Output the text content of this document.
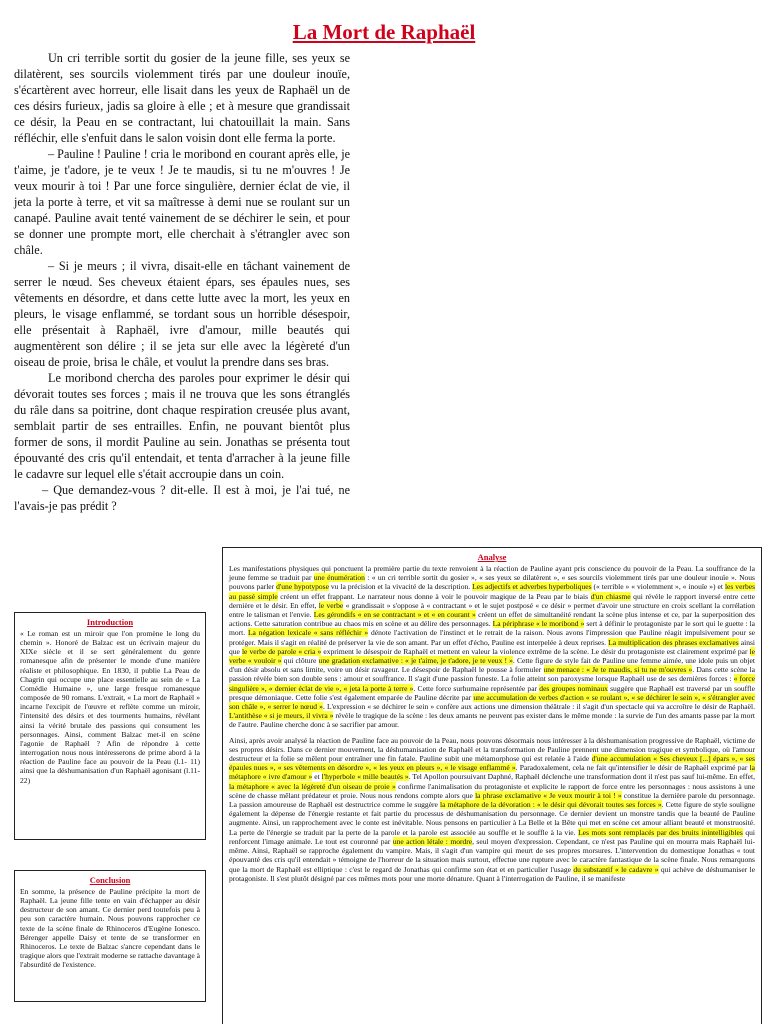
La Mort de Raphaël

Un cri terrible sortit du gosier de la jeune fille, ses yeux se dilatèrent, ses sourcils violemment tirés par une douleur inouïe, s'écartèrent avec horreur, elle lisait dans les yeux de Raphaël un de ces désirs furieux, jadis sa gloire à elle ; et à mesure que grandissait ce désir, la Peau en se contractant, lui chatouillait la main. Sans réfléchir, elle s'enfuit dans le salon voisin dont elle ferma la porte.

– Pauline ! Pauline ! cria le moribond en courant après elle, je t'aime, je t'adore, je te veux ! Je te maudis, si tu ne m'ouvres ! Je veux mourir à toi ! Par une force singulière, dernier éclat de vie, il jeta la porte à terre, et vit sa maîtresse à demi nue se roulant sur un canapé. Pauline avait tenté vainement de se déchirer le sein, et pour se donner une prompte mort, elle cherchait à s'étrangler avec son châle.

– Si je meurs ; il vivra, disait-elle en tâchant vainement de serrer le nœud. Ses cheveux étaient épars, ses épaules nues, ses vêtements en désordre, et dans cette lutte avec la mort, les yeux en pleurs, le visage enflammé, se tordant sous un horrible désespoir, elle présentait à Raphaël, ivre d'amour, mille beautés qui augmentèrent son délire ; il se jeta sur elle avec la légèreté d'un oiseau de proie, brisa le châle, et voulut la prendre dans ses bras.

Le moribond chercha des paroles pour exprimer le désir qui dévorait toutes ses forces ; mais il ne trouva que les sons étranglés du râle dans sa poitrine, dont chaque respiration creusée plus avant, semblait partir de ses entrailles. Enfin, ne pouvant bientôt plus former de sons, il mordit Pauline au sein. Jonathas se présenta tout épouvanté des cris qu'il entendait, et tenta d'arracher à la jeune fille le cadavre sur lequel elle s'était accroupie dans un coin.

– Que demandez-vous ? dit-elle. Il est à moi, je l'ai tué, ne l'avais-je pas prédit ?

Introduction

« Le roman est un miroir que l'on promène le long du chemin ». Honoré de Balzac est un écrivain majeur du XIXe siècle et il se sert généralement du genre romanesque afin de présenter le monde d'une manière réaliste et philosophique. En 1830, il publie La Peau de Chagrin qui occupe une place essentielle au sein de « La Comédie Humaine », une large fresque romanesque composée de 90 romans. L'extrait, « La mort de Raphaël » incarne l'excipit de l'œuvre et reflète comme un miroir, l'intensité des désirs et des tourments humains, révélant ainsi la vérité brutale des passions qui consument les personnages. Ainsi, comment Balzac met-il en scène l'agonie de Raphaël ? Afin de répondre à cette interrogation nous nous intéresserons de prime abord à la réaction de Pauline face au pouvoir de la Peau (l.1- 11) ainsi que la déshumanisation d'un Raphaël agonisant (l.11-22)

Conclusion

En somme, la présence de Pauline précipite la mort de Raphaël. La jeune fille tente en vain d'échapper au désir destructeur de son amant. Ce dernier perd toutefois peu à peu son caractère humain. Nous pouvons rapprocher ce texte de la scène finale de Rhinoceros d'Eugène Ionesco. Bérenger appelle Daisy et tente de se transformer en Rhinoceros. Le texte de Balzac s'ancre cependant dans le tragique alors que l'extrait moderne se rattache davantage à l'absurdité de l'existence.

Analyse

Les manifestations physiques qui ponctuent la première partie du texte renvoient à la réaction de Pauline ayant pris conscience du pouvoir de la Peau. La souffrance de la jeune femme se traduit par une énumération : « un cri terrible sortit du gosier », « ses yeux se dilatèrent », « ses sourcils violemment tirés par une douleur inouïe ». Nous pouvons parler d'une hypotypose vu la précision et la vivacité de la description. Les adjectifs et adverbes hyperboliques (« terrible » « violemment », « inouïe ») et les verbes au passé simple créent un effet frappant. Le narrateur nous donne à voir le pouvoir magique de la Peau par le biais d'un chiasme qui révèle le rapport inversé entre cette dernière et le désir. En effet, le verbe « grandissait » s'oppose à « contractant » et le sujet postposé « ce désir » permet d'avoir une structure en croix scellant la corrélation entre le talisman et l'envie. Les gérondifs « en se contractant » et « en courant » créent un effet de simultanéité rendant la scène plus intense et ce, par la superposition des actions. Cette saturation contribue au chaos mis en scène et au délire des personnages. La périphrase « le moribond » sert à définir le protagoniste par le sort qui le guette : la mort. La négation lexicale « sans réfléchir » dénote l'activation de l'instinct et le retrait de la raison. Nous avons l'impression que Pauline réagit impulsivement pour se protéger. Mais il s'agit en réalité de préserver la vie de son amant. Par un effet d'écho, Pauline est interpelée à deux reprises. La multiplication des phrases exclamatives ainsi que le verbe de parole « cria » expriment le désespoir de Raphaël et mettent en valeur la violence extrême de la scène. Le désir du protagoniste est clairement exprimé par le verbe « vouloir » qui clôture une gradation exclamative : « je t'aime, je t'adore, je te veux ! ». Cette figure de style fait de Pauline une femme aimée, une idole puis un objet d'un désir absolu et sans limite, voire un désir ravageur. Le désespoir de Raphaël le pousse à formuler une menace : « Je te maudis, si tu ne m'ouvres ». Dans cette scène la passion révèle bien son double sens : amour et souffrance. Il s'agit d'une passion funeste. La folie atteint son paroxysme lorsque Raphaël use de ses dernières forces : « force singulière », « dernier éclat de vie », « jeta la porte à terre ». Cette force surhumaine représentée par des groupes nominaux suggère que Raphaël est traversé par un souffle presque démoniaque. Cette folie s'est également emparée de Pauline décrite par une accumulation de verbes d'action « se roulant », « se déchirer le sein », « s'étrangler avec son châle », « serrer le nœud ». L'expression « se déchirer le sein » confère aux actions une dimension théâtrale : il s'agit d'un spectacle qui va accroître le désir de Raphaël. L'antithèse « si je meurs, il vivra » révèle le tragique de la scène : les deux amants ne peuvent pas exister dans le même monde : la survie de l'un des amants passe par la mort de l'autre. Pauline cherche donc à se sacrifier par amour.

Ainsi, après avoir analysé la réaction de Pauline face au pouvoir de la Peau, nous pouvons désormais nous intéresser à la déshumanisation progressive de Raphaël, victime de ses propres désirs. Dans ce dernier mouvement, la déshumanisation de Raphaël et la transformation de Pauline prennent une dimension tragique et symbolique, où l'amour destructeur et la folie se mêlent pour entraîner une fin fatale. Pauline subit une métamorphose qui est relatée à l'aide d'une accumulation « Ses cheveux [...] épars », « ses épaules nues », « ses vêtements en désordre », « les yeux en pleurs », « le visage enflammé ». Paradoxalement, cela ne fait qu'intensifier le désir de Raphaël exprimé par la métaphore « ivre d'amour » et l'hyperbole « mille beautés ». Tel Apollon poursuivant Daphné, Raphaël déclenche une transformation dont il n'est pas sauf lui-même. En effet, la métaphore « avec la légèreté d'un oiseau de proie » confirme l'animalisation du protagoniste et explicite le rapport de force entre les personnages : nous assistons à une scène de chasse mêlant prédateur et proie. Nous nous rendons compte alors que la phrase exclamative « Je veux mourir à toi ! » constitue la dernière parole du personnage. La passion amoureuse de Raphaël est destructrice comme le suggère la métaphore de la dévoration : « le désir qui dévorait toutes ses forces ». Cette figure de style souligne également la dépense de l'énergie restante et fait partie du processus de déshumanisation du personnage. Ce dernier devient un monstre tandis que la beauté de Pauline augmente. Ainsi, un rapprochement avec le conte est inévitable. Nous pensons en particulier à La Belle et la Bête qui met en scène cet amour alliant beauté et monstruosité. La perte de l'énergie se traduit par la perte de la parole et la parole est associée au souffle et le souffle à la vie. Les mots sont remplacés par des bruits inintelligibles qui renforcent l'image animale. Le tout est couronné par une action létale : mordre, seul moyen d'expression. Cependant, ce n'est pas Pauline qui en mourra mais Raphaël lui-même. Ainsi, Raphaël se rapproche également du vampire. Mais, il s'agit d'un vampire qui meurt de ses propres morsures. L'intervention du domestique Jonathas « tout épouvanté des cris qu'il entendait » témoigne de l'horreur de la situation mais surtout, effectue une rupture avec le caractère fantastique de la scène finale. Nous remarquons que la mort de Raphaël est elliptique : c'est le regard de Jonathas qui confirme son état et en particulier l'usage du substantif « le cadavre » qui achève de déshumaniser le protagoniste. Il s'est plutôt désigné par ces mêmes mots pour une morte dénature. Quant à l'interrogation de Pauline, il se manifeste
